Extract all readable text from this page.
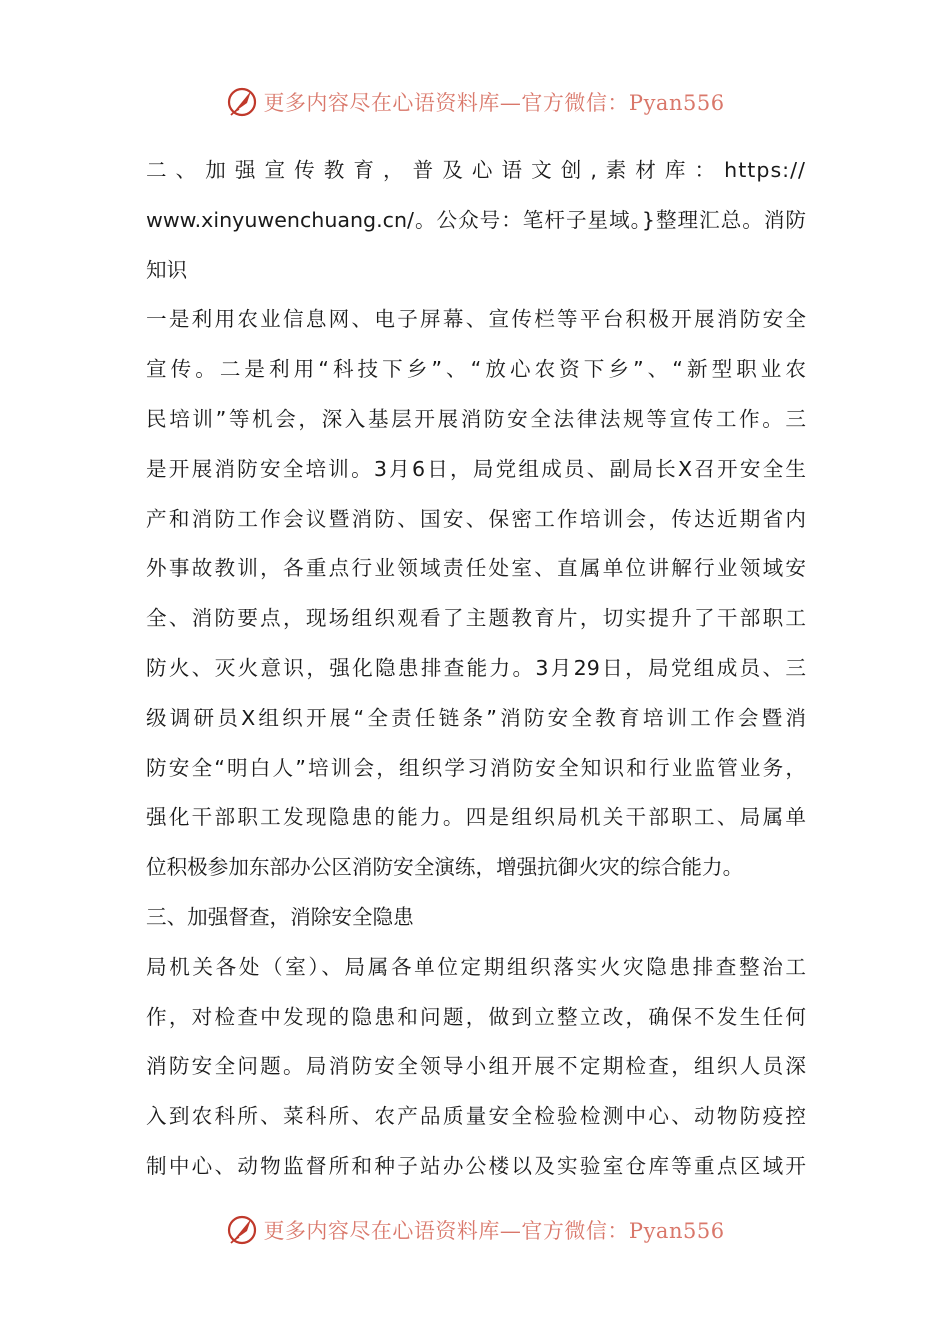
更多内容尽在心语资料库—官方微信：Pyan556
二 、 加 强 宣 传 教 育 ， 普 及 心 语 文 创 , 素 材 库 ： https://
www.xinyuwenchuang.cn/。公众号：笔杆子星域。}整理汇总。消防
知识
一是利用农业信息网、电子屏幕、宣传栏等平台积极开展消防安全
宣传。二是利用“科技下乡”、“放心农资下乡”、“新型职业农
民培训”等机会，深入基层开展消防安全法律法规等宣传工作。三
是开展消防安全培训。3月6日，局党组成员、副局长X召开安全生
产和消防工作会议暨消防、国安、保密工作培训会，传达近期省内
外事故教训，各重点行业领域责任处室、直属单位讲解行业领域安
全、消防要点，现场组织观看了主题教育片，切实提升了干部职工
防火、灭火意识，强化隐患排查能力。3月29日，局党组成员、三
级调研员X组织开展“全责任链条”消防安全教育培训工作会暨消
防安全“明白人”培训会，组织学习消防安全知识和行业监管业务，
强化干部职工发现隐患的能力。四是组织局机关干部职工、局属单
位积极参加东部办公区消防安全演练，增强抗御火灾的综合能力。
三、加强督查，消除安全隐患
局机关各处（室）、局属各单位定期组织落实火灾隐患排查整治工
作，对检查中发现的隐患和问题，做到立整立改，确保不发生任何
消防安全问题。局消防安全领导小组开展不定期检查，组织人员深
入到农科所、菜科所、农产品质量安全检验检测中心、动物防疫控
制中心、动物监督所和种子站办公楼以及实验室仓库等重点区域开
更多内容尽在心语资料库—官方微信：Pyan556
